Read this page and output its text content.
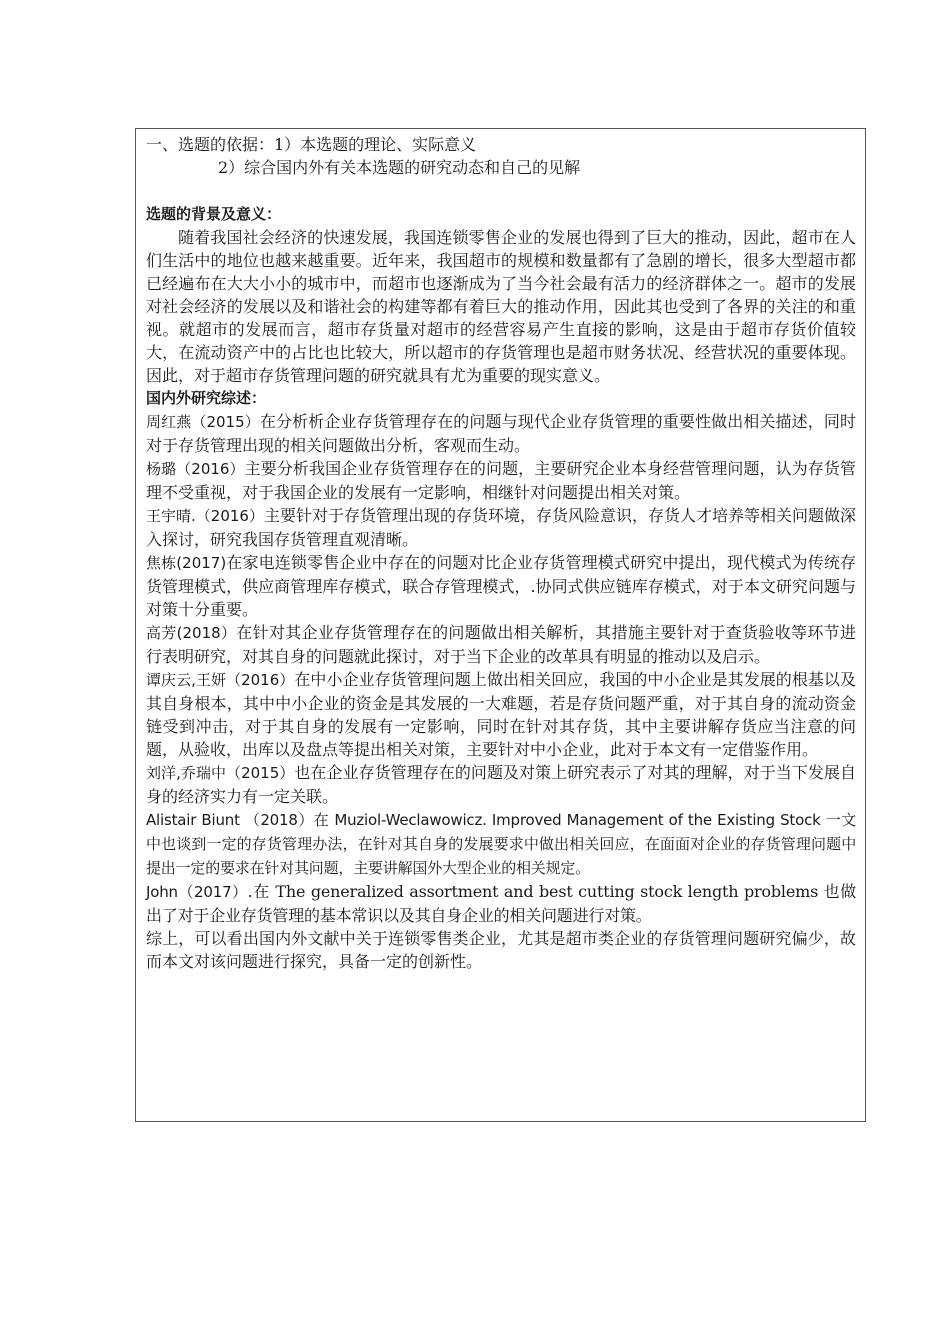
一、选题的依据：1）本选题的理论、实际意义

2）综合国内外有关本选题的研究动态和自己的见解

选题的背景及意义：

随着我国社会经济的快速发展，我国连锁零售企业的发展也得到了巨大的推动，因此，超市在人们生活中的地位也越来越重要。近年来，我国超市的规模和数量都有了急剧的增长，很多大型超市都已经遍布在大大小小的城市中，而超市也逐渐成为了当今社会最有活力的经济群体之一。超市的发展对社会经济的发展以及和谐社会的构建等都有着巨大的推动作用，因此其也受到了各界的关注的和重视。就超市的发展而言，超市存货量对超市的经营容易产生直接的影响，这是由于超市存货价值较大，在流动资产中的占比也比较大，所以超市的存货管理也是超市财务状况、经营状况的重要体现。因此，对于超市存货管理问题的研究就具有尤为重要的现实意义。

国内外研究综述：

周红燕（2015）在分析析企业存货管理存在的问题与现代企业存货管理的重要性做出相关描述，同时对于存货管理出现的相关问题做出分析，客观而生动。

杨璐（2016）主要分析我国企业存货管理存在的问题，主要研究企业本身经营管理问题，认为存货管理不受重视，对于我国企业的发展有一定影响，相继针对问题提出相关对策。

王宇晴.（2016）主要针对于存货管理出现的存货环境，存货风险意识，存货人才培养等相关问题做深入探讨，研究我国存货管理直观清晰。

焦栋(2017)在家电连锁零售企业中存在的问题对比企业存货管理模式研究中提出，现代模式为传统存货管理模式，供应商管理库存模式，联合存管理模式，.协同式供应链库存模式，对于本文研究问题与对策十分重要。

高芳(2018）在针对其企业存货管理存在的问题做出相关解析，其措施主要针对于查货验收等环节进行表明研究，对其自身的问题就此探讨，对于当下企业的改革具有明显的推动以及启示。

谭庆云,王妍（2016）在中小企业存货管理问题上做出相关回应，我国的中小企业是其发展的根基以及其自身根本，其中中小企业的资金是其发展的一大难题，若是存货问题严重，对于其自身的流动资金链受到冲击，对于其自身的发展有一定影响，同时在针对其存货，其中主要讲解存货应当注意的问题，从验收，出库以及盘点等提出相关对策，主要针对中小企业，此对于本文有一定借鉴作用。

刘洋,乔瑞中（2015）也在企业存货管理存在的问题及对策上研究表示了对其的理解，对于当下发展自身的经济实力有一定关联。

Alistair Biunt （2018）在 Muziol-Weclawowicz. Improved Management of the Existing Stock 一文中也谈到一定的存货管理办法，在针对其自身的发展要求中做出相关回应，在面面对企业的存货管理问题中提出一定的要求在针对其问题，主要讲解国外大型企业的相关规定。

John（2017）.在 The generalized assortment and best cutting stock length problems 也做出了对于企业存货管理的基本常识以及其自身企业的相关问题进行对策。

综上，可以看出国内外文献中关于连锁零售类企业，尤其是超市类企业的存货管理问题研究偏少，故而本文对该问题进行探究，具备一定的创新性。
